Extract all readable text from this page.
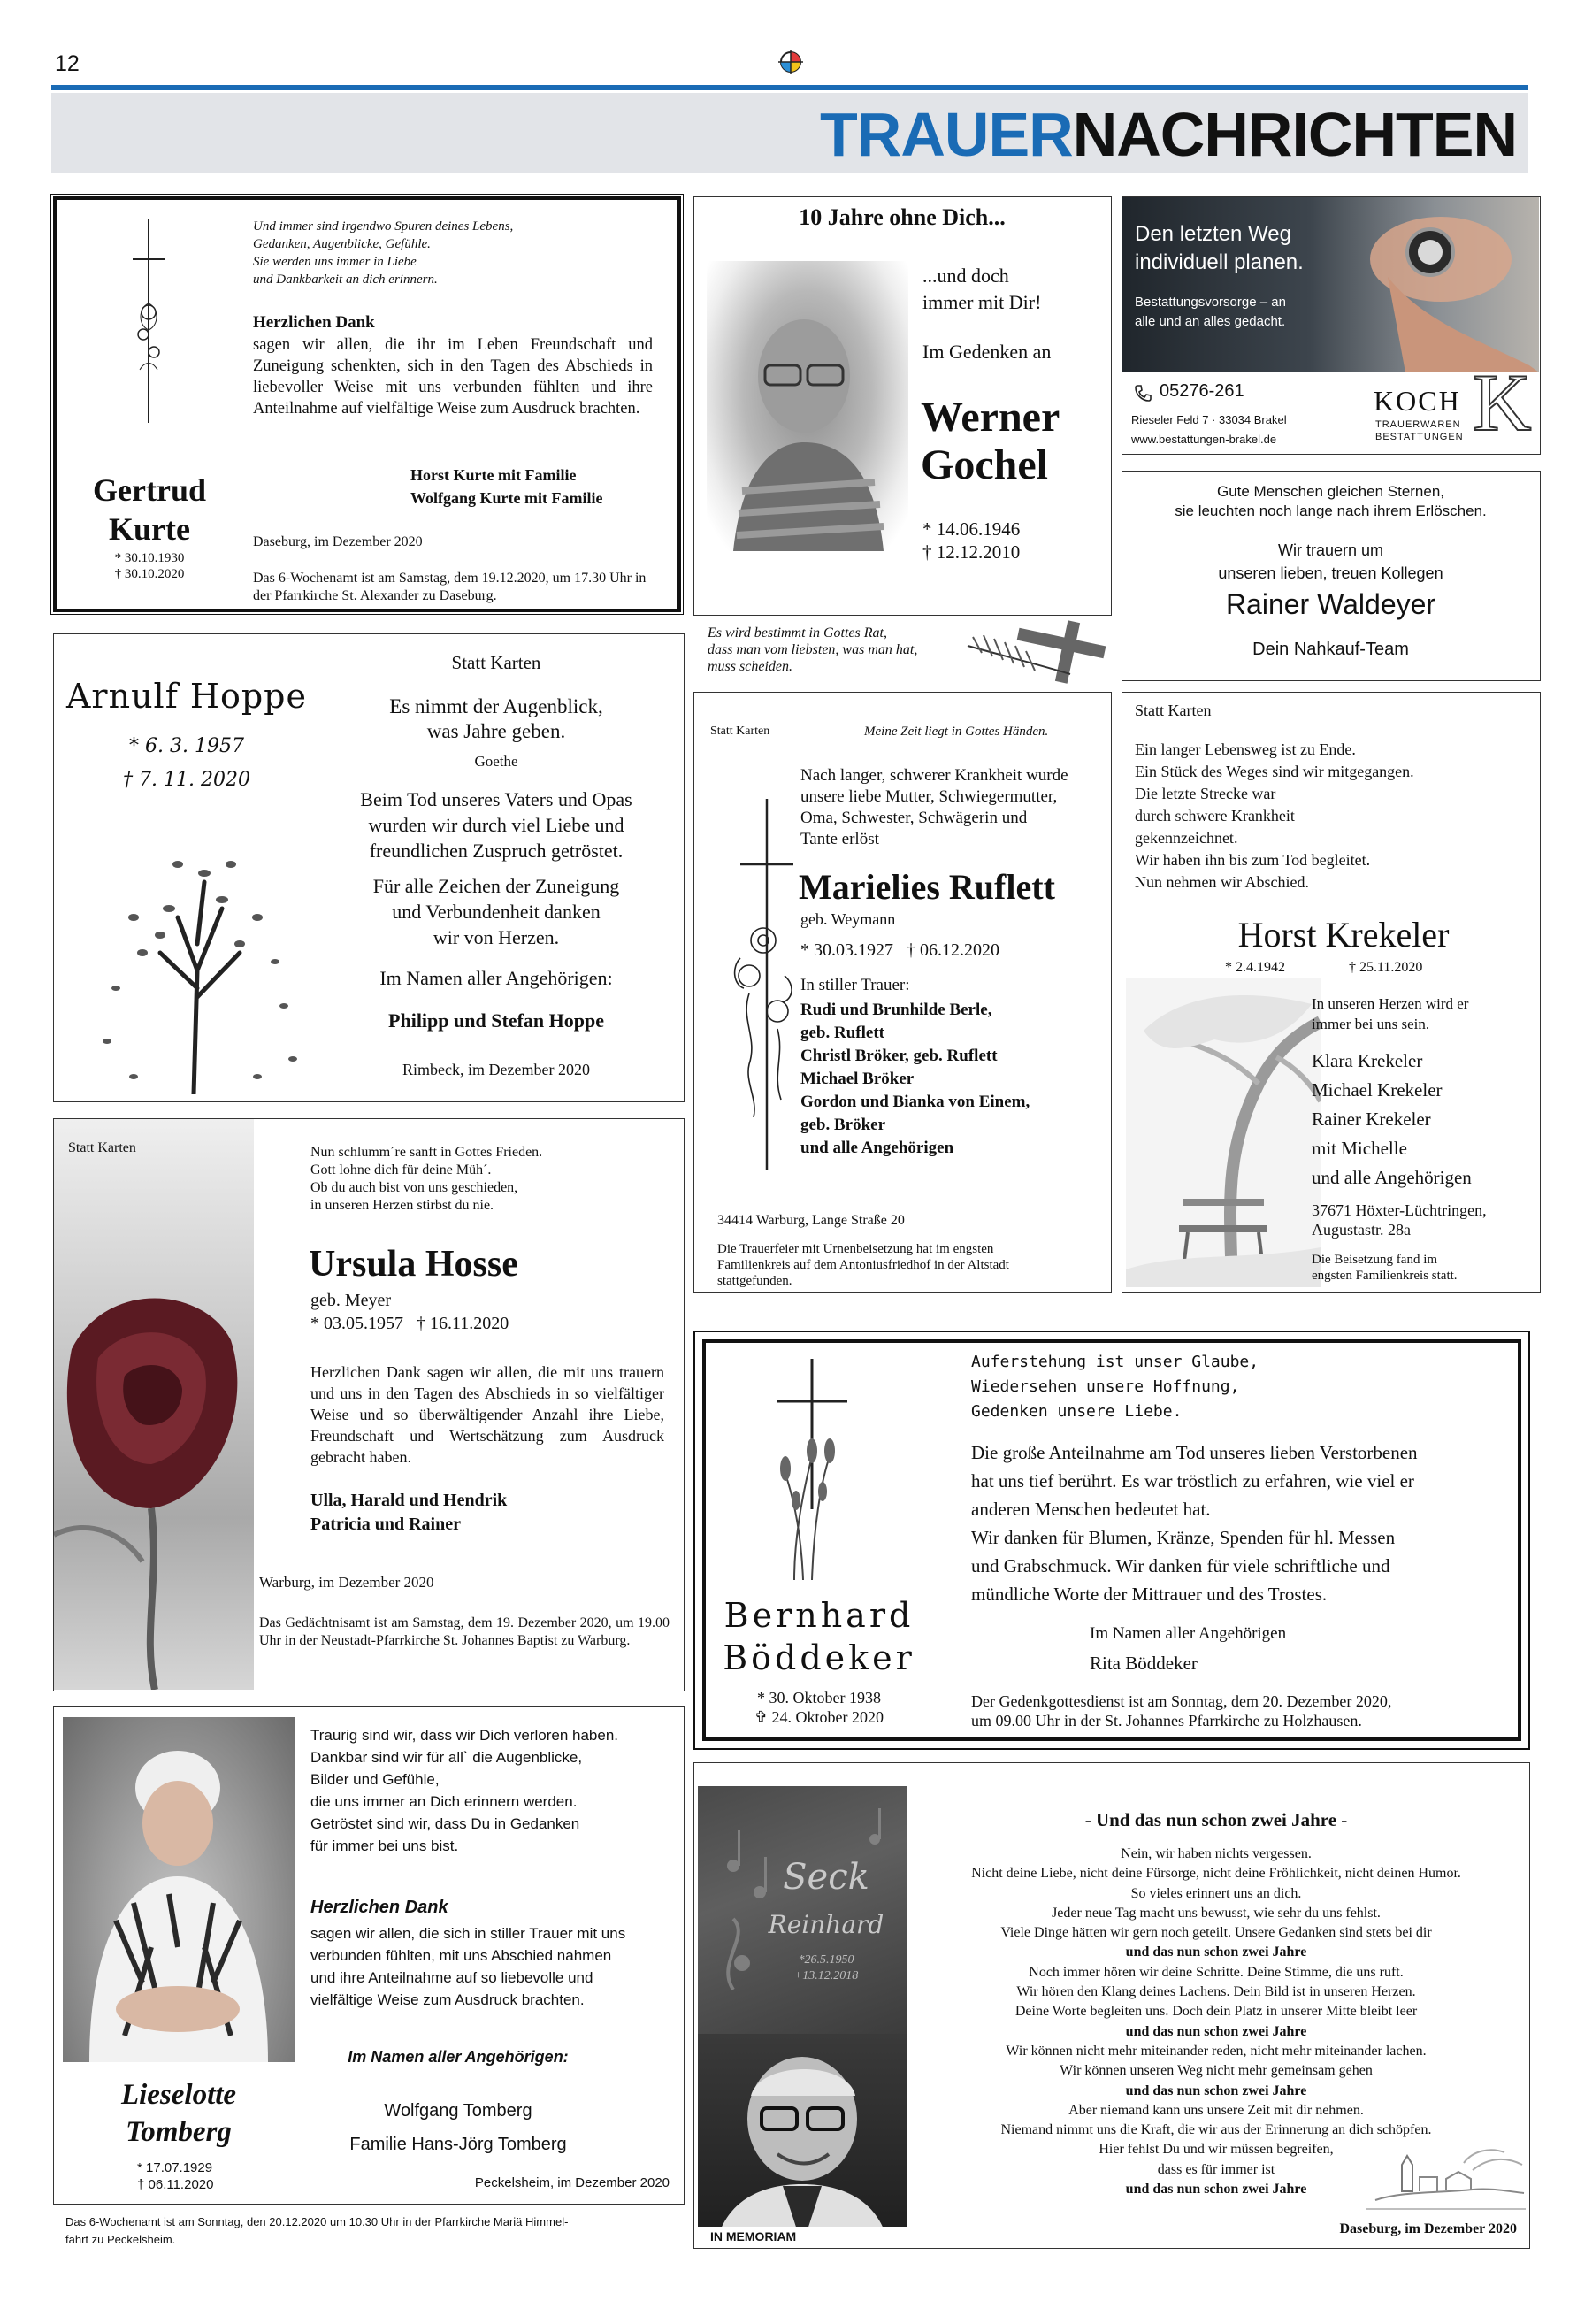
12
TRAUERNACHRICHTEN
Gertrud
Kurte
* 30.10.1930
† 30.10.2020
Und immer sind irgendwo Spuren deines Lebens,
Gedanken, Augenblicke, Gefühle.
Sie werden uns immer in Liebe
und Dankbarkeit an dich erinnern.
Herzlichen Dank
sagen wir allen, die ihr im Leben Freundschaft und Zuneigung schenkten, sich in den Tagen des Abschieds in liebevoller Weise mit uns verbunden fühlten und ihre Anteilnahme auf vielfältige Weise zum Ausdruck brachten.
Horst Kurte mit Familie
Wolfgang Kurte mit Familie
Daseburg, im Dezember 2020
Das 6-Wochenamt ist am Samstag, dem 19.12.2020, um 17.30 Uhr in der Pfarrkirche St. Alexander zu Daseburg.
10 Jahre ohne Dich...
...und doch
immer mit Dir!
Im Gedenken an
Werner
Gochel
* 14.06.1946
† 12.12.2010
Es wird bestimmt in Gottes Rat,
dass man vom liebsten, was man hat,
muss scheiden.
Den letzten Weg
individuell planen.
Bestattungsvorsorge – an
alle und an alles gedacht.
05276-261
Rieseler Feld 7 · 33034 Brakel
www.bestattungen-brakel.de
KOCH
TRAUERWAREN
BESTATTUNGEN K
Gute Menschen gleichen Sternen,
sie leuchten noch lange nach ihrem Erlöschen.
Wir trauern um
unseren lieben, treuen Kollegen
Rainer Waldeyer
Dein Nahkauf-Team
Arnulf Hoppe
* 6. 3. 1957
† 7. 11. 2020
Statt Karten
Es nimmt der Augenblick,
was Jahre geben.
Goethe
Beim Tod unseres Vaters und Opas
wurden wir durch viel Liebe und
freundlichen Zuspruch getröstet.
Für alle Zeichen der Zuneigung
und Verbundenheit danken
wir von Herzen.
Im Namen aller Angehörigen:
Philipp und Stefan Hoppe
Rimbeck, im Dezember 2020
Statt Karten	Meine Zeit liegt in Gottes Händen.
Nach langer, schwerer Krankheit wurde
unsere liebe Mutter, Schwiegermutter,
Oma, Schwester, Schwägerin und
Tante erlöst
Marielies Ruflett
geb. Weymann
* 30.03.1927   † 06.12.2020
In stiller Trauer:
Rudi und Brunhilde Berle,
geb. Ruflett
Christl Bröker, geb. Ruflett
Michael Bröker
Gordon und Bianka von Einem,
geb. Bröker
und alle Angehörigen
34414 Warburg, Lange Straße 20
Die Trauerfeier mit Urnenbeisetzung hat im engsten
Familienkreis auf dem Antoniusfriedhof in der Altstadt
stattgefunden.
Statt Karten
Ein langer Lebensweg ist zu Ende.
Ein Stück des Weges sind wir mitgegangen.
Die letzte Strecke war
durch schwere Krankheit
gekennzeichnet.
Wir haben ihn bis zum Tod begleitet.
Nun nehmen wir Abschied.
Horst Krekeler
* 2.4.1942	† 25.11.2020
In unseren Herzen wird er
immer bei uns sein.
Klara Krekeler
Michael Krekeler
Rainer Krekeler
mit Michelle
und alle Angehörigen
37671 Höxter-Lüchtringen,
Augustastr. 28a
Die Beisetzung fand im
engsten Familienkreis statt.
Statt Karten	Nun schlumm´re sanft in Gottes Frieden.
Gott lohne dich für deine Müh´.
Ob du auch bist von uns geschieden,
in unseren Herzen stirbst du nie.
Ursula Hosse
geb. Meyer
* 03.05.1957   † 16.11.2020
Herzlichen Dank sagen wir allen, die mit uns trauern und uns in den Tagen des Abschieds in so vielfältiger Weise und so überwältigender Anzahl ihre Liebe, Freundschaft und Wertschätzung zum Ausdruck gebracht haben.
Ulla, Harald und Hendrik
Patricia und Rainer
Warburg, im Dezember 2020
Das Gedächtnisamt ist am Samstag, dem 19. Dezember 2020, um 19.00 Uhr in der Neustadt-Pfarrkirche St. Johannes Baptist zu Warburg.
Bernhard
Böddeker
* 30. Oktober 1938
✞ 24. Oktober 2020
Auferstehung ist unser Glaube,
Wiedersehen unsere Hoffnung,
Gedenken unsere Liebe.
Die große Anteilnahme am Tod unseres lieben Verstorbenen
hat uns tief berührt. Es war tröstlich zu erfahren, wie viel er
anderen Menschen bedeutet hat.
Wir danken für Blumen, Kränze, Spenden für hl. Messen
und Grabschmuck. Wir danken für viele schriftliche und
mündliche Worte der Mittrauer und des Trostes.
Im Namen aller Angehörigen
Rita Böddeker
Der Gedenkgottesdienst ist am Sonntag, dem 20. Dezember 2020,
um 09.00 Uhr in der St. Johannes Pfarrkirche zu Holzhausen.
Lieselotte
Tomberg
* 17.07.1929
† 06.11.2020
Traurig sind wir, dass wir Dich verloren haben.
Dankbar sind wir für all` die Augenblicke,
Bilder und Gefühle,
die uns immer an Dich erinnern werden.
Getröstet sind wir, dass Du in Gedanken
für immer bei uns bist.
Herzlichen Dank
sagen wir allen, die sich in stiller Trauer mit uns
verbunden fühlten, mit uns Abschied nahmen
und ihre Anteilnahme auf so liebevolle und
vielfältige Weise zum Ausdruck brachten.
Im Namen aller Angehörigen:
Wolfgang Tomberg
Familie Hans-Jörg Tomberg
Peckelsheim, im Dezember 2020
Das 6-Wochenamt ist am Sonntag, den 20.12.2020 um 10.30 Uhr in der Pfarrkirche Mariä Himmel-
fahrt zu Peckelsheim.
Seck
Reinhard
*26.5.1950
+13.12.2018
IN MEMORIAM
- Und das nun schon zwei Jahre -
Nein, wir haben nichts vergessen.
Nicht deine Liebe, nicht deine Fürsorge, nicht deine Fröhlichkeit, nicht deinen Humor.
So vieles erinnert uns an dich.
Jeder neue Tag macht uns bewusst, wie sehr du uns fehlst.
Viele Dinge hätten wir gern noch geteilt. Unsere Gedanken sind stets bei dir
und das nun schon zwei Jahre
Noch immer hören wir deine Schritte. Deine Stimme, die uns ruft.
Wir hören den Klang deines Lachens. Dein Bild ist in unseren Herzen.
Deine Worte begleiten uns. Doch dein Platz in unserer Mitte bleibt leer
und das nun schon zwei Jahre
Wir können nicht mehr miteinander reden, nicht mehr miteinander lachen.
Wir können unseren Weg nicht mehr gemeinsam gehen
und das nun schon zwei Jahre
Aber niemand kann uns unsere Zeit mit dir nehmen.
Niemand nimmt uns die Kraft, die wir aus der Erinnerung an dich schöpfen.
Hier fehlst Du und wir müssen begreifen,
dass es für immer ist
und das nun schon zwei Jahre
Daseburg, im Dezember 2020
